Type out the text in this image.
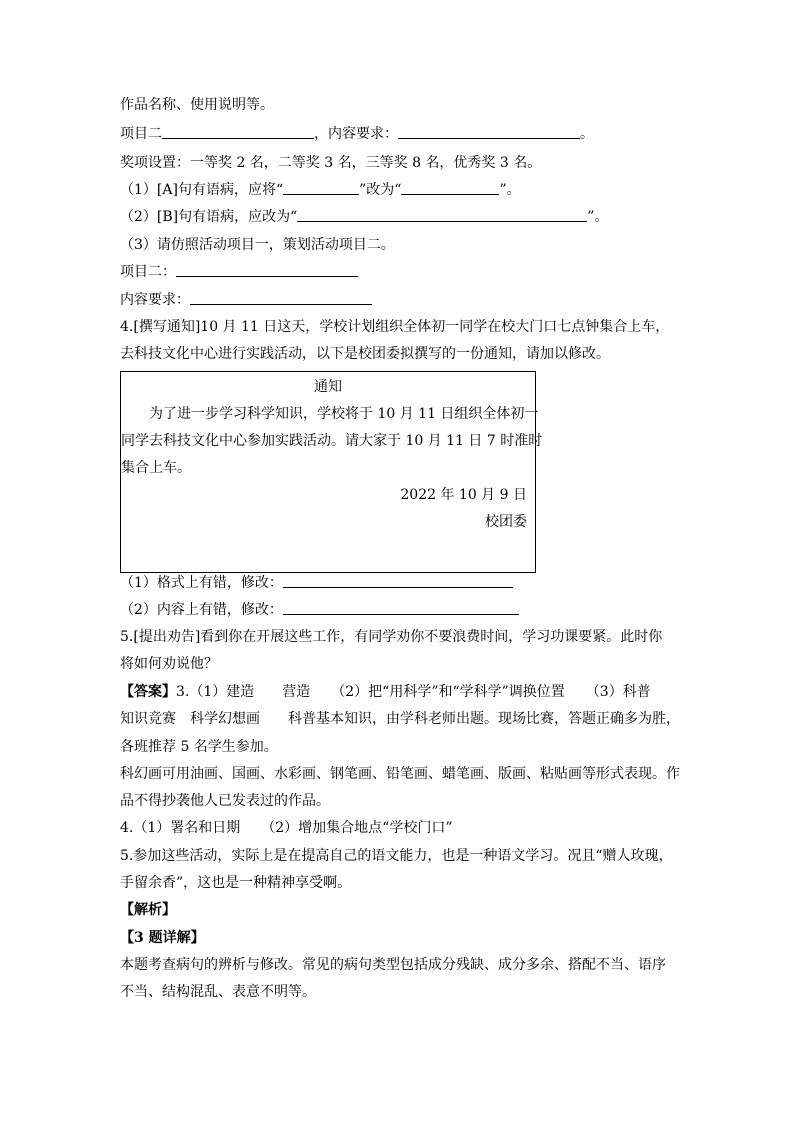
作品名称、使用说明等。
项目二	，内容要求：	。
奖项设置：一等奖 2 名，二等奖 3 名，三等奖 8 名，优秀奖 3 名。
（1）[A]句有语病，应将“	”改为“	”。
（2）[B]句有语病，应改为“	”。
（3）请仿照活动项目一，策划活动项目二。
项目二：
内容要求：
4.[撰写通知]10 月 11 日这天，学校计划组织全体初一同学在校大门口七点钟集合上车，
去科技文化中心进行实践活动，以下是校团委拟撰写的一份通知，请加以修改。
通知
为了进一步学习科学知识，学校将于 10 月 11 日组织全体初一
同学去科技文化中心参加实践活动。请大家于 10 月 11 日 7 时准时
集合上车。
2022 年 10 月 9 日
校团委
（1）格式上有错，修改：
（2）内容上有错，修改：
5.[提出劝告]看到你在开展这些工作，有同学劝你不要浪费时间，学习功课要紧。此时你
将如何劝说他？
【答案】3.（1）建造　　营造　　（2）把“用科学”和“学科学”调换位置　　（3）科普
知识竞赛　科学幻想画　　科普基本知识，由学科老师出题。现场比赛，答题正确多为胜，
各班推荐 5 名学生参加。
科幻画可用油画、国画、水彩画、钢笔画、铅笔画、蜡笔画、版画、粘贴画等形式表现。作
品不得抄袭他人已发表过的作品。
4.（1）署名和日期　　（2）增加集合地点“学校门口”
5.参加这些活动，实际上是在提高自己的语文能力，也是一种语文学习。况且“赠人玫瑰，
手留余香”，这也是一种精神享受啊。
【解析】
【3 题详解】
本题考查病句的辨析与修改。常见的病句类型包括成分残缺、成分多余、搭配不当、语序
不当、结构混乱、表意不明等。
